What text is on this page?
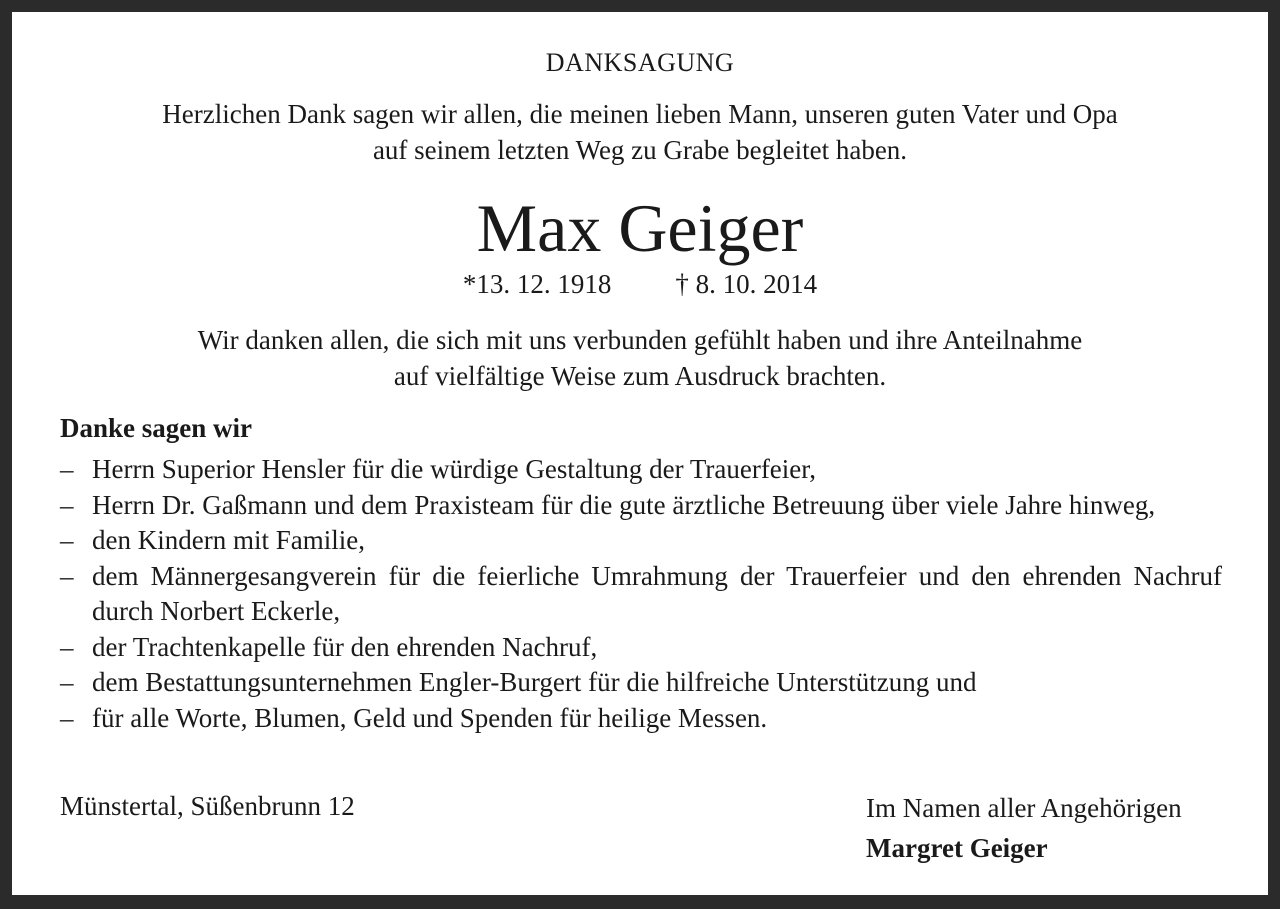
DANKSAGUNG
Herzlichen Dank sagen wir allen, die meinen lieben Mann, unseren guten Vater und Opa
auf seinem letzten Weg zu Grabe begleitet haben.
Max Geiger
*13. 12. 1918 † 8. 10. 2014
Wir danken allen, die sich mit uns verbunden gefühlt haben und ihre Anteilnahme
auf vielfältige Weise zum Ausdruck brachten.
Danke sagen wir
– Herrn Superior Hensler für die würdige Gestaltung der Trauerfeier,
– Herrn Dr. Gaßmann und dem Praxisteam für die gute ärztliche Betreuung über viele Jahre hinweg,
– den Kindern mit Familie,
– dem Männergesangverein für die feierliche Umrahmung der Trauerfeier und den ehrenden Nachruf durch Norbert Eckerle,
– der Trachtenkapelle für den ehrenden Nachruf,
– dem Bestattungsunternehmen Engler-Burgert für die hilfreiche Unterstützung und
– für alle Worte, Blumen, Geld und Spenden für heilige Messen.
Münstertal, Süßenbrunn 12	Im Namen aller Angehörigen
Margret Geiger
